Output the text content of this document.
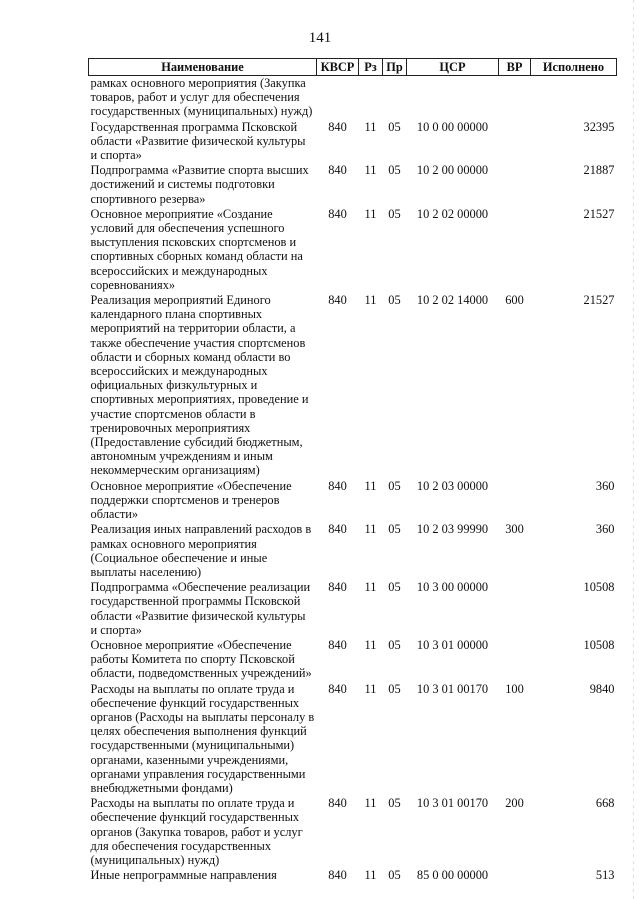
141
Наименование	КВСР	Рз	Пр	ЦСР	ВР	Исполнено
рамках основного мероприятия (Закупка товаров, работ и услуг для обеспечения государственных (муниципальных) нужд)						
Государственная программа Псковской области «Развитие физической культуры и спорта»	840	11	05	10 0 00 00000		32395
Подпрограмма «Развитие спорта высших достижений и системы подготовки спортивного резерва»	840	11	05	10 2 00 00000		21887
Основное мероприятие «Создание условий для обеспечения успешного выступления псковских спортсменов и спортивных сборных команд области на всероссийских и международных соревнованиях»	840	11	05	10 2 02 00000		21527
Реализация мероприятий Единого календарного плана спортивных мероприятий на территории области, а также обеспечение участия спортсменов области и сборных команд области во всероссийских и международных официальных физкультурных и спортивных мероприятиях, проведение и участие спортсменов области в тренировочных мероприятиях (Предоставление субсидий бюджетным, автономным учреждениям и иным некоммерческим организациям)	840	11	05	10 2 02 14000	600	21527
Основное мероприятие «Обеспечение поддержки спортсменов и тренеров области»	840	11	05	10 2 03 00000		360
Реализация иных направлений расходов в рамках основного мероприятия (Социальное обеспечение и иные выплаты населению)	840	11	05	10 2 03 99990	300	360
Подпрограмма «Обеспечение реализации государственной программы Псковской области «Развитие физической культуры и спорта»	840	11	05	10 3 00 00000		10508
Основное мероприятие «Обеспечение работы Комитета по спорту Псковской области, подведомственных учреждений»	840	11	05	10 3 01 00000		10508
Расходы на выплаты по оплате труда и обеспечение функций государственных органов (Расходы на выплаты персоналу в целях обеспечения выполнения функций государственными (муниципальными) органами, казенными учреждениями, органами управления государственными внебюджетными фондами)	840	11	05	10 3 01 00170	100	9840
Расходы на выплаты по оплате труда и обеспечение функций государственных органов (Закупка товаров, работ и услуг для обеспечения государственных (муниципальных) нужд)	840	11	05	10 3 01 00170	200	668
Иные непрограммные направления	840	11	05	85 0 00 00000		513
